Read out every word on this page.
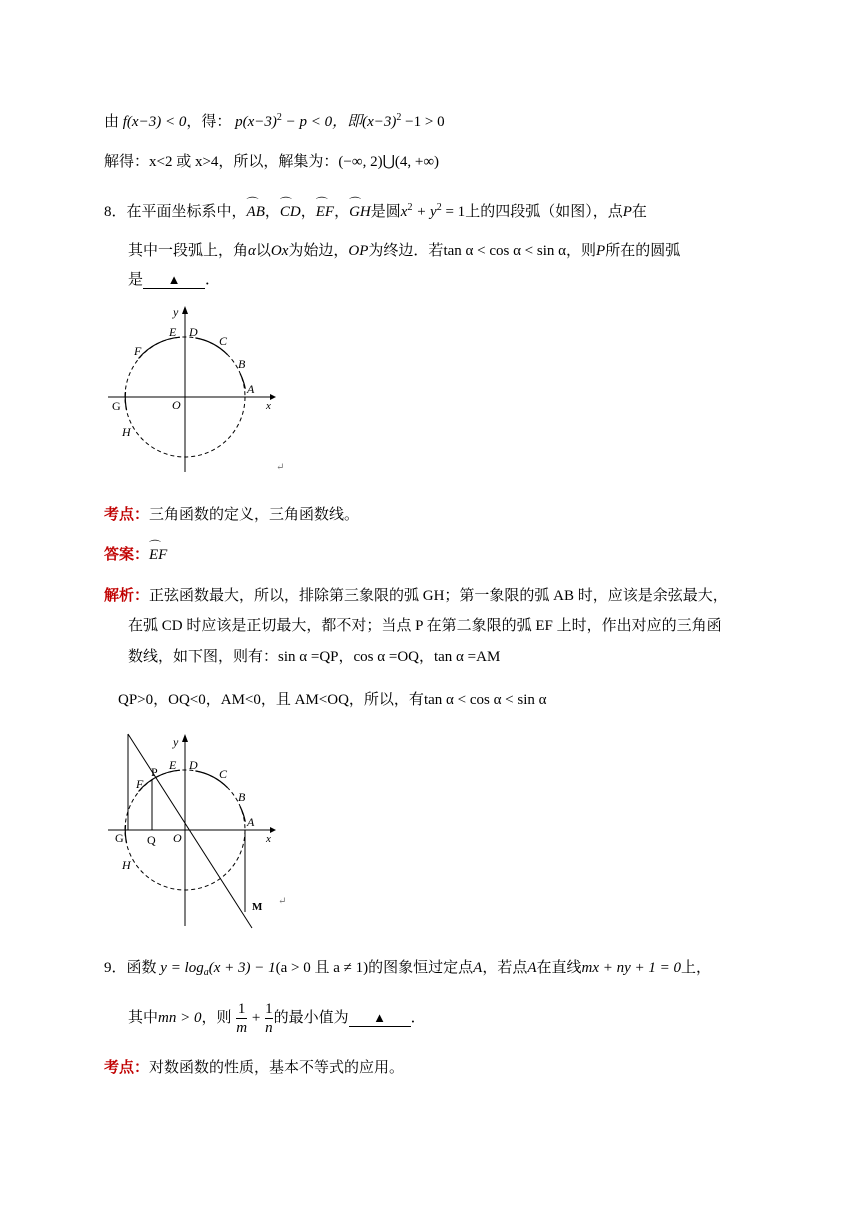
由 f(x−3) < 0，得： $p(x-3)^2 - p < 0$，即$(x-3)^2 -1 > 0$
解得：x<2 或 x>4，所以，解集为：(−∞, 2)⋃(4, +∞)
8．在平面坐标系中，⌒ AB，⌒ CD，⌒ EF，⌒ GH是圆$x^2 + y^2 = 1$上的四段弧（如图），点P在
其中一段弧上，角α以Ox为始边，OP为终边．若tan α < cos α < sin α，则P所在的圆弧
是 ▲ ．
y
x
O
A
B
C
D
E
F
G
H
↵
考点：三角函数的定义，三角函数线。
答案：⌒ EF
解析：正弦函数最大，所以，排除第三象限的弧 GH；第一象限的弧 AB 时，应该是余弦最大，
在弧 CD 时应该是正切最大，都不对；当点 P 在第二象限的弧 EF 上时，作出对应的三角函
数线，如下图，则有：sin α =QP，cos α =OQ，tan α =AM
QP>0，OQ<0，AM<0，且 AM<OQ，所以，有tan α < cos α < sin α
y
x
O
A
B
C
D
E
F
P
G Q
H
M ↵
9．函数 $y = \log_a(x + 3) - 1(a > 0$ 且 a ≠ 1)的图象恒过定点A，若点A在直线mx + ny + 1 = 0上，
其中mn > 0，则 $\frac{1}{m} + \frac{1}{n}$ 的最小值为 ▲ ．
考点：对数函数的性质，基本不等式的应用。
